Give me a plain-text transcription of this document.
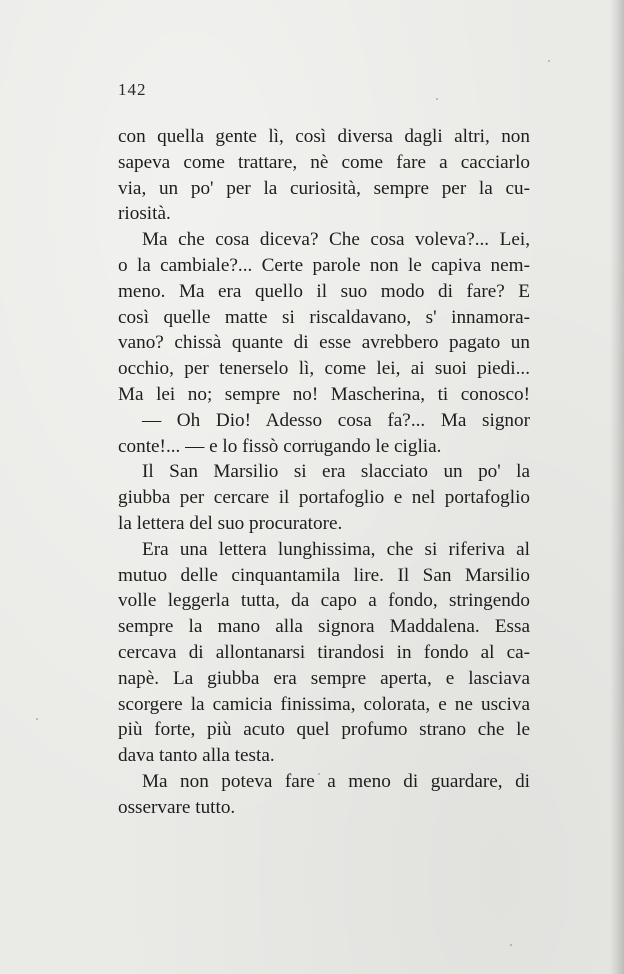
142
con quella gente lì, così diversa dagli altri, non
sapeva come trattare, nè come fare a cacciarlo
via, un po' per la curiosità, sempre per la cu-
riosità.
Ma che cosa diceva? Che cosa voleva?... Lei,
o la cambiale?... Certe parole non le capiva nem-
meno. Ma era quello il suo modo di fare? E
così quelle matte si riscaldavano, s' innamora-
vano? chissà quante di esse avrebbero pagato un
occhio, per tenerselo lì, come lei, ai suoi piedi...
Ma lei no; sempre no! Mascherina, ti conosco!
— Oh Dio! Adesso cosa fa?... Ma signor
conte!... — e lo fissò corrugando le ciglia.
Il San Marsilio si era slacciato un po' la
giubba per cercare il portafoglio e nel portafoglio
la lettera del suo procuratore.
Era una lettera lunghissima, che si riferiva al
mutuo delle cinquantamila lire. Il San Marsilio
volle leggerla tutta, da capo a fondo, stringendo
sempre la mano alla signora Maddalena. Essa
cercava di allontanarsi tirandosi in fondo al ca-
napè. La giubba era sempre aperta, e lasciava
scorgere la camicia finissima, colorata, e ne usciva
più forte, più acuto quel profumo strano che le
dava tanto alla testa.
Ma non poteva fare a meno di guardare, di
osservare tutto.
